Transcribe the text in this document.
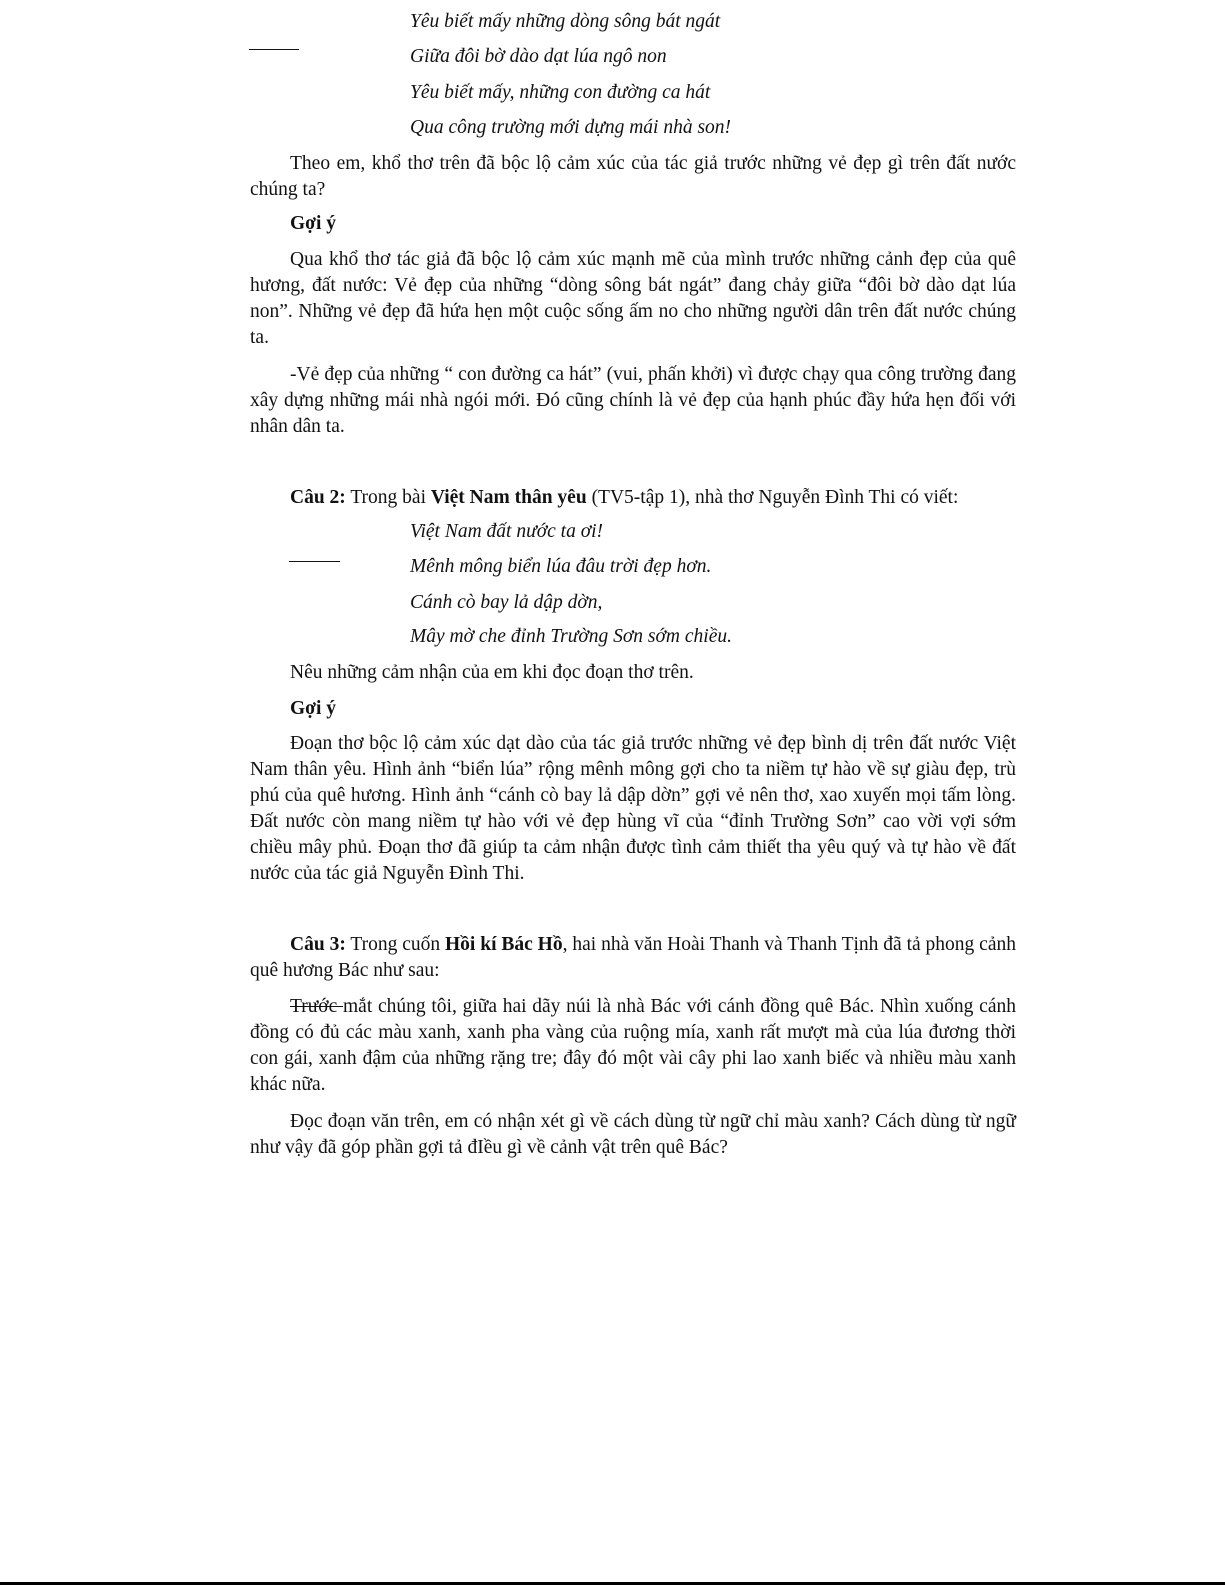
Yêu biết mấy những dòng sông bát ngát
Giữa đôi bờ dào dạt lúa ngô non
Yêu biết mấy, những con đường ca hát
Qua công trường mới dựng mái nhà son!
Theo em, khổ thơ trên đã bộc lộ cảm xúc của tác giả trước những vẻ đẹp gì trên đất nước chúng ta?
Gợi ý
Qua khổ thơ tác giả đã bộc lộ cảm xúc mạnh mẽ của mình trước những cảnh đẹp của quê hương, đất nước: Vẻ đẹp của những “dòng sông bát ngát” đang chảy giữa “đôi bờ dào dạt lúa non”. Những vẻ đẹp đã hứa hẹn một cuộc sống ấm no cho những người dân trên đất nước chúng ta.
-Vẻ đẹp của những “ con đường ca hát” (vui, phấn khởi) vì được chạy qua công trường đang xây dựng những mái nhà ngói mới. Đó cũng chính là vẻ đẹp của hạnh phúc đầy hứa hẹn đối với nhân dân ta.
Câu 2: Trong bài Việt Nam thân yêu (TV5-tập 1), nhà thơ Nguyễn Đình Thi có viết:
Việt Nam đất nước ta ơi!
Mênh mông biển lúa đâu trời đẹp hơn.
Cánh cò bay lả dập dờn,
Mây mờ che đỉnh Trường Sơn sớm chiều.
Nêu những cảm nhận của em khi đọc đoạn thơ trên.
Gợi ý
Đoạn thơ bộc lộ cảm xúc dạt dào của tác giả trước những vẻ đẹp bình dị trên đất nước Việt Nam thân yêu. Hình ảnh “biển lúa” rộng mênh mông gợi cho ta niềm tự hào về sự giàu đẹp, trù phú của quê hương. Hình ảnh “cánh cò bay lả dập dờn” gợi vẻ nên thơ, xao xuyến mọi tấm lòng. Đất nước còn mang niềm tự hào với vẻ đẹp hùng vĩ của “đỉnh Trường Sơn” cao vời vợi sớm chiều mây phủ. Đoạn thơ đã giúp ta cảm nhận được tình cảm thiết tha yêu quý và tự hào về đất nước của tác giả Nguyễn Đình Thi.
Câu 3: Trong cuốn Hồi kí Bác Hồ, hai nhà văn Hoài Thanh và Thanh Tịnh đã tả phong cảnh quê hương Bác như sau:
Trước mắt chúng tôi, giữa hai dãy núi là nhà Bác với cánh đồng quê Bác. Nhìn xuống cánh đồng có đủ các màu xanh, xanh pha vàng của ruộng mía, xanh rất mượt mà của lúa đương thời con gái, xanh đậm của những rặng tre; đây đó một vài cây phi lao xanh biếc và nhiều màu xanh khác nữa.
Đọc đoạn văn trên, em có nhận xét gì về cách dùng từ ngữ chỉ màu xanh? Cách dùng từ ngữ như vậy đã góp phần gợi tả đIều gì về cảnh vật trên quê Bác?
